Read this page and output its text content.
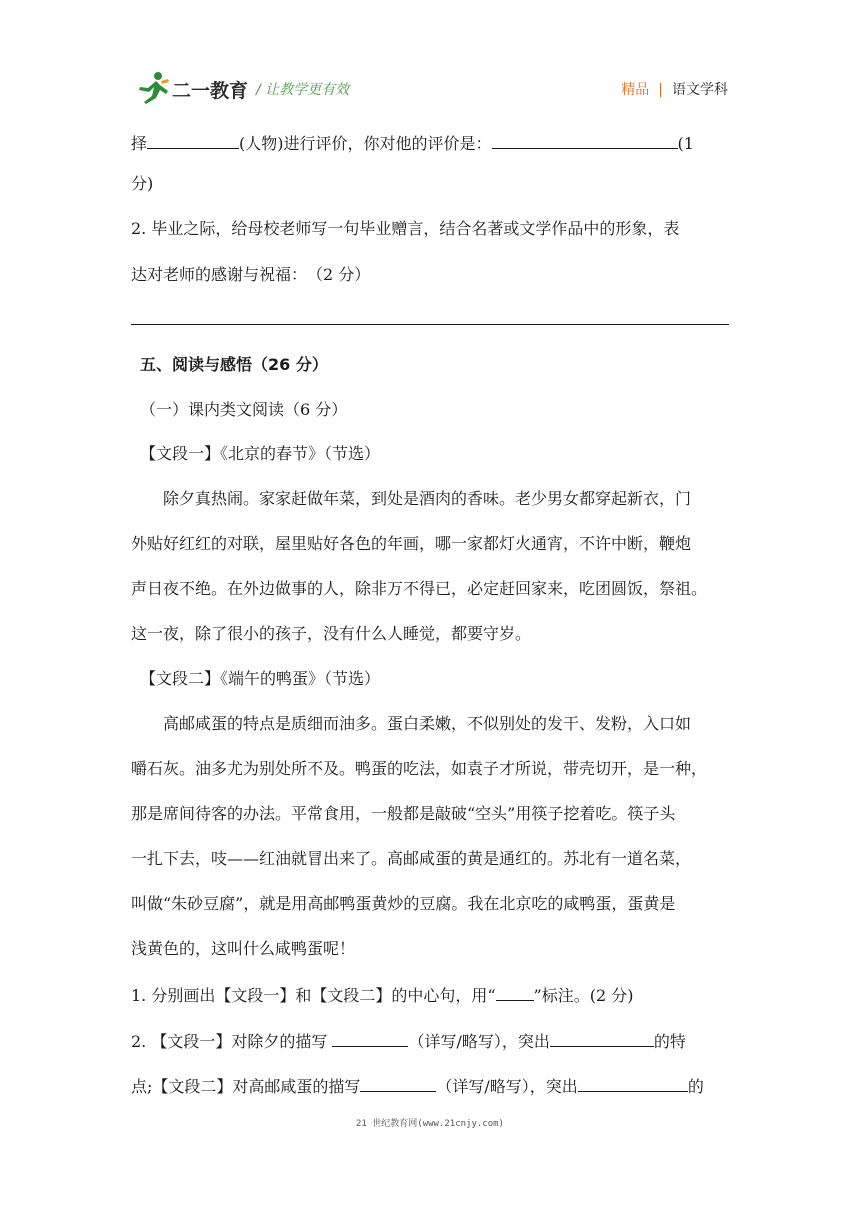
二一教育 / 让教学更有效	精品 | 语文学科
择	(人物)进行评价，你对他的评价是：	(1
分)
2. 毕业之际，给母校老师写一句毕业赠言，结合名著或文学作品中的形象，表
达对老师的感谢与祝福：　（2 分）
五、阅读与感悟（26 分）
（一）课内类文阅读（6 分）
【文段一】《北京的春节》（节选）
除夕真热闹。家家赶做年菜，到处是酒肉的香味。老少男女都穿起新衣，门
外贴好红红的对联，屋里贴好各色的年画，哪一家都灯火通宵，不许中断，鞭炮
声日夜不绝。在外边做事的人，除非万不得已，必定赶回家来，吃团圆饭，祭祖。
这一夜，除了很小的孩子，没有什么人睡觉，都要守岁。
【文段二】《端午的鸭蛋》（节选）
高邮咸蛋的特点是质细而油多。蛋白柔嫩，不似别处的发干、发粉，入口如
嚼石灰。油多尤为别处所不及。鸭蛋的吃法，如袁子才所说，带壳切开，是一种，
那是席间待客的办法。平常食用，一般都是敲破“空头”用筷子挖着吃。筷子头
一扎下去，吱——红油就冒出来了。高邮咸蛋的黄是通红的。苏北有一道名菜，
叫做“朱砂豆腐”，就是用高邮鸭蛋黄炒的豆腐。我在北京吃的咸鸭蛋，蛋黄是
浅黄色的，这叫什么咸鸭蛋呢！
1. 分别画出【文段一】和【文段二】的中心句，用“ ”标注。(2 分)
2. 【文段一】对除夕的描写	（详写/略写），突出	的特
点;【文段二】对高邮咸蛋的描写	（详写/略写），突出	的
21 世纪教育网(www.21cnjy.com)
